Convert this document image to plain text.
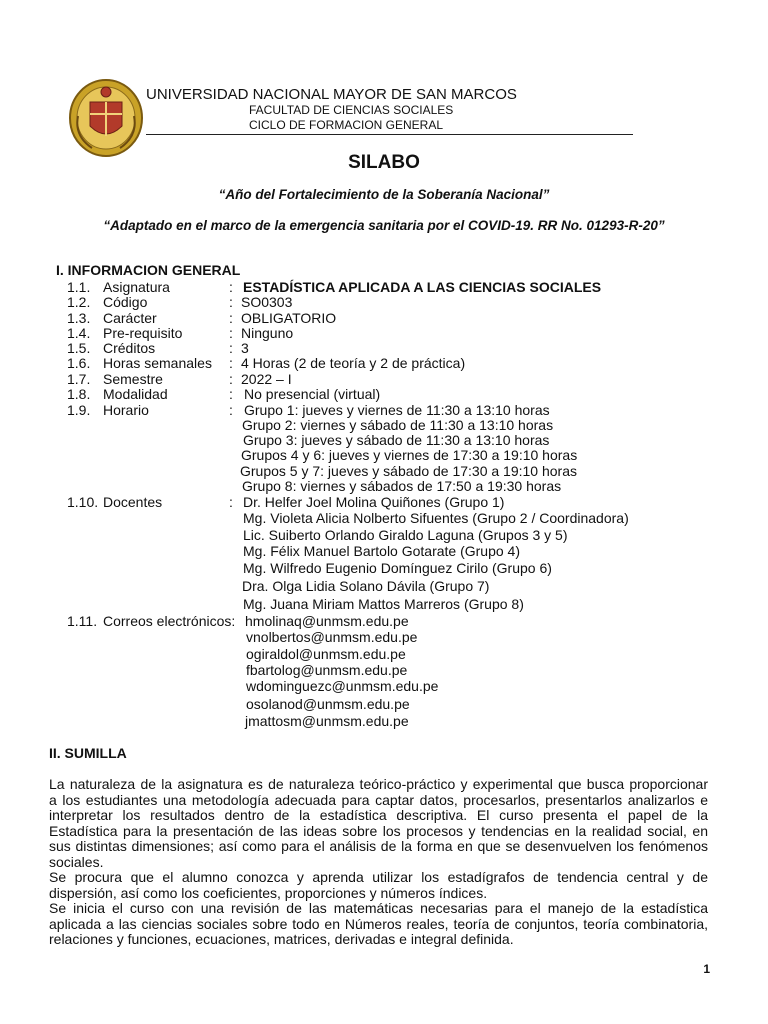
UNIVERSIDAD NACIONAL MAYOR DE SAN MARCOS
FACULTAD DE CIENCIAS SOCIALES
CICLO DE FORMACION GENERAL
SILABO
“Año del Fortalecimiento de la Soberanía Nacional”
“Adaptado en el marco de la emergencia sanitaria por el COVID-19. RR No. 01293-R-20”
I. INFORMACION GENERAL
1.1. Asignatura	: ESTADÍSTICA APLICADA A LAS CIENCIAS SOCIALES
1.2. Código	: SO0303
1.3. Carácter	: OBLIGATORIO
1.4. Pre-requisito	: Ninguno
1.5. Créditos	: 3
1.6. Horas semanales : 4 Horas (2 de teoría y 2 de práctica)
1.7. Semestre	: 2022 – I
1.8. Modalidad	: No presencial (virtual)
1.9. Horario	: Grupo 1: jueves y viernes de 11:30 a 13:10 horas
Grupo 2: viernes y sábado de 11:30 a 13:10 horas
Grupo 3: jueves y sábado de 11:30 a 13:10 horas
Grupos 4 y 6: jueves y viernes de 17:30 a 19:10 horas
Grupos 5 y 7: jueves y sábado de 17:30 a 19:10 horas
Grupo 8: viernes y sábados de 17:50 a 19:30 horas
1.10. Docentes	: Dr. Helfer Joel Molina Quiñones (Grupo 1)
Mg. Violeta Alicia Nolberto Sifuentes (Grupo 2 / Coordinadora)
Lic. Suiberto Orlando Giraldo Laguna (Grupos 3 y 5)
Mg. Félix Manuel Bartolo Gotarate (Grupo 4)
Mg. Wilfredo Eugenio Domínguez Cirilo (Grupo 6)
Dra. Olga Lidia Solano Dávila (Grupo 7)
Mg. Juana Miriam Mattos Marreros (Grupo 8)
1.11. Correos electrónicos: hmolinaq@unmsm.edu.pe
vnolbertos@unmsm.edu.pe
ogiraldol@unmsm.edu.pe
fbartolog@unmsm.edu.pe
wdominguezc@unmsm.edu.pe
osolanod@unmsm.edu.pe
jmattosm@unmsm.edu.pe
II. SUMILLA
La naturaleza de la asignatura es de naturaleza teórico-práctico y experimental que busca proporcionar
a los estudiantes una metodología adecuada para captar datos, procesarlos, presentarlos analizarlos e
interpretar los resultados dentro de la estadística descriptiva. El curso presenta el papel de la
Estadística para la presentación de las ideas sobre los procesos y tendencias en la realidad social, en
sus distintas dimensiones; así como para el análisis de la forma en que se desenvuelven los fenómenos
sociales.
Se procura que el alumno conozca y aprenda utilizar los estadígrafos de tendencia central y de
dispersión, así como los coeficientes, proporciones y números índices.
Se inicia el curso con una revisión de las matemáticas necesarias para el manejo de la estadística
aplicada a las ciencias sociales sobre todo en Números reales, teoría de conjuntos, teoría combinatoria,
relaciones y funciones, ecuaciones, matrices, derivadas e integral definida.
1
